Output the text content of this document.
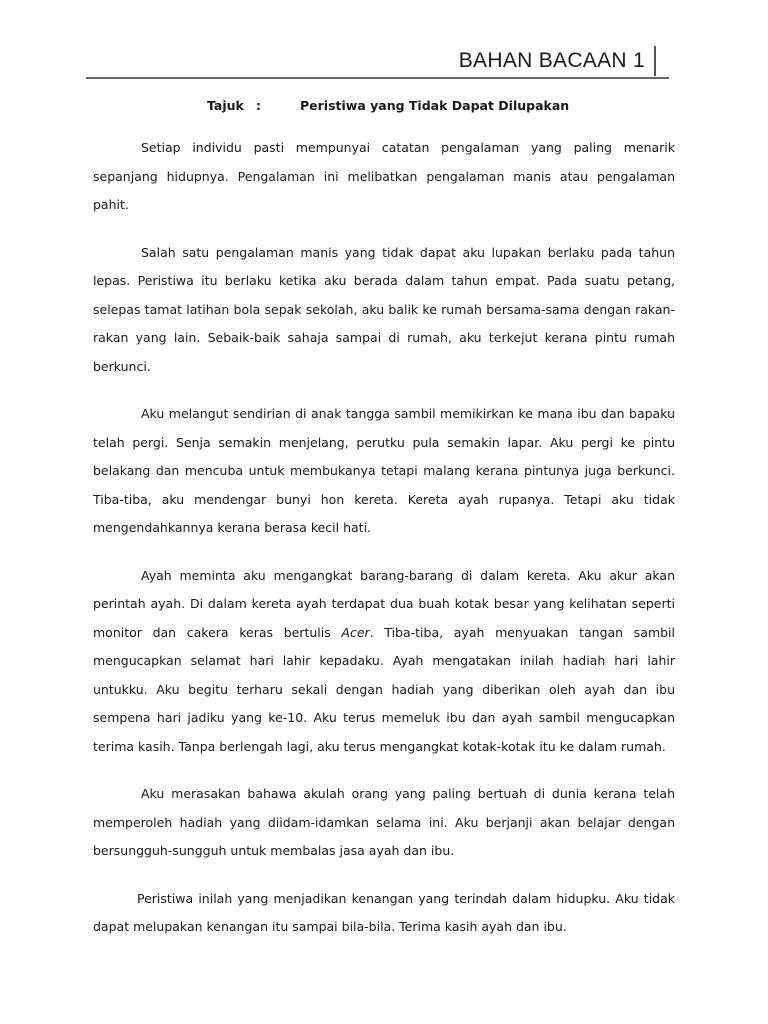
BAHAN BACAAN 1
Tajuk :	Peristiwa yang Tidak Dapat Dilupakan

Setiap individu pasti mempunyai catatan pengalaman yang paling menarik sepanjang hidupnya. Pengalaman ini melibatkan pengalaman manis atau pengalaman pahit.

Salah satu pengalaman manis yang tidak dapat aku lupakan berlaku pada tahun lepas. Peristiwa itu berlaku ketika aku berada dalam tahun empat. Pada suatu petang, selepas tamat latihan bola sepak sekolah, aku balik ke rumah bersama-sama dengan rakan-rakan yang lain. Sebaik-baik sahaja sampai di rumah, aku terkejut kerana pintu rumah berkunci.

Aku melangut sendirian di anak tangga sambil memikirkan ke mana ibu dan bapaku telah pergi. Senja semakin menjelang, perutku pula semakin lapar. Aku pergi ke pintu belakang dan mencuba untuk membukanya tetapi malang kerana pintunya juga berkunci. Tiba-tiba, aku mendengar bunyi hon kereta. Kereta ayah rupanya. Tetapi aku tidak mengendahkannya kerana berasa kecil hati.

Ayah meminta aku mengangkat barang-barang di dalam kereta. Aku akur akan perintah ayah. Di dalam kereta ayah terdapat dua buah kotak besar yang kelihatan seperti monitor dan cakera keras bertulis Acer. Tiba-tiba, ayah menyuakan tangan sambil mengucapkan selamat hari lahir kepadaku. Ayah mengatakan inilah hadiah hari lahir untukku. Aku begitu terharu sekali dengan hadiah yang diberikan oleh ayah dan ibu sempena hari jadiku yang ke-10. Aku terus memeluk ibu dan ayah sambil mengucapkan terima kasih. Tanpa berlengah lagi, aku terus mengangkat kotak-kotak itu ke dalam rumah.

Aku merasakan bahawa akulah orang yang paling bertuah di dunia kerana telah memperoleh hadiah yang diidam-idamkan selama ini. Aku berjanji akan belajar dengan bersungguh-sungguh untuk membalas jasa ayah dan ibu.

Peristiwa inilah yang menjadikan kenangan yang terindah dalam hidupku. Aku tidak dapat melupakan kenangan itu sampai bila-bila. Terima kasih ayah dan ibu.
